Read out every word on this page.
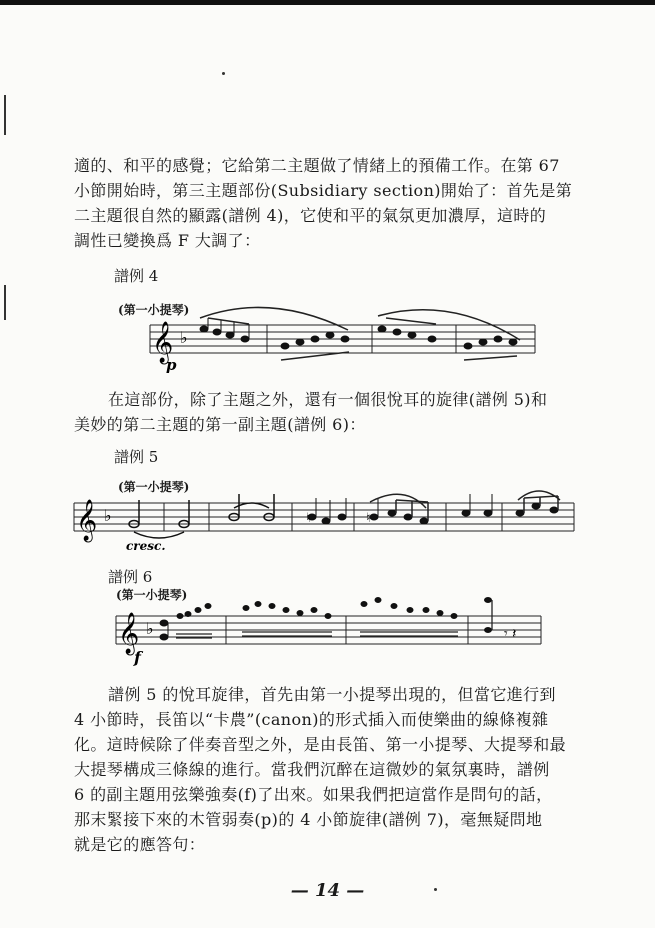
適的、和平的感覺；它給第二主題做了情緒上的預備工作。在第 67
小節開始時，第三主題部份(Subsidiary section)開始了：首先是第
二主題很自然的顯露(譜例 4)，它使和平的氣氛更加濃厚，這時的
調性已變換爲 F 大調了：
譜例 4
(第一小提琴)
𝄞 ♭
p
在這部份，除了主題之外，還有一個很悅耳的旋律(譜例 5)和
美妙的第二主題的第一副主題(譜例 6)：
譜例 5
(第一小提琴)
𝄞 ♭	♮	♮
cresc.
譜例 6
(第一小提琴)
𝄞 ♭	𝄾 𝄽
f
譜例 5 的悅耳旋律，首先由第一小提琴出現的，但當它進行到
4 小節時，長笛以“卡農”(canon)的形式插入而使樂曲的線條複雜
化。這時候除了伴奏音型之外，是由長笛、第一小提琴、大提琴和最
大提琴構成三條線的進行。當我們沉醉在這微妙的氣氛裏時，譜例
6 的副主題用弦樂強奏(f)了出來。如果我們把這當作是問句的話，
那末緊接下來的木管弱奏(p)的 4 小節旋律(譜例 7)，毫無疑問地
就是它的應答句：
— 14 —
